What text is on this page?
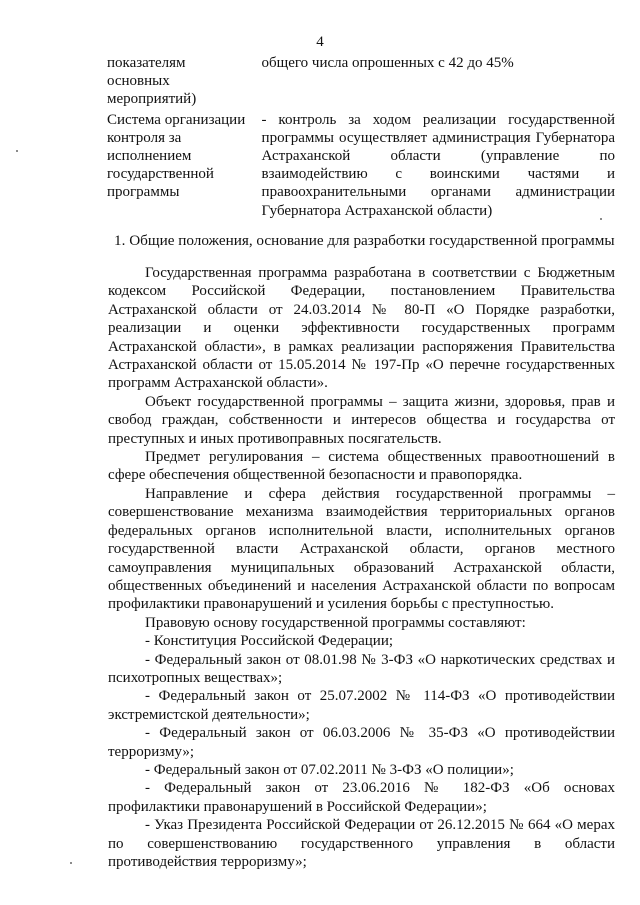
4
показателям основных мероприятий)
общего числа опрошенных с 42 до 45%
Система организации контроля за исполнением государственной программы
- контроль за ходом реализации государственной программы осуществляет администрация Губернатора Астраханской области (управление по взаимодействию с воинскими частями и правоохранительными органами администрации Губернатора Астраханской области)
1. Общие положения, основание для разработки государственной программы

Государственная программа разработана в соответствии с Бюджетным кодексом Российской Федерации, постановлением Правительства Астраханской области от 24.03.2014 № 80-П «О Порядке разработки, реализации и оценки эффективности государственных программ Астраханской области», в рамках реализации распоряжения Правительства Астраханской области от 15.05.2014 № 197-Пр «О перечне государственных программ Астраханской области».

Объект государственной программы – защита жизни, здоровья, прав и свобод граждан, собственности и интересов общества и государства от преступных и иных противоправных посягательств.

Предмет регулирования – система общественных правоотношений в сфере обеспечения общественной безопасности и правопорядка.

Направление и сфера действия государственной программы – совершенствование механизма взаимодействия территориальных органов федеральных органов исполнительной власти, исполнительных органов государственной власти Астраханской области, органов местного самоуправления муниципальных образований Астраханской области, общественных объединений и населения Астраханской области по вопросам профилактики правонарушений и усиления борьбы с преступностью.

Правовую основу государственной программы составляют:

- Конституция Российской Федерации;

- Федеральный закон от 08.01.98 № 3-ФЗ «О наркотических средствах и психотропных веществах»;

- Федеральный закон от 25.07.2002 № 114-ФЗ «О противодействии экстремистской деятельности»;

- Федеральный закон от 06.03.2006 № 35-ФЗ «О противодействии терроризму»;

- Федеральный закон от 07.02.2011 № 3-ФЗ «О полиции»;

- Федеральный закон от 23.06.2016 № 182-ФЗ «Об основах профилактики правонарушений в Российской Федерации»;

- Указ Президента Российской Федерации от 26.12.2015 № 664 «О мерах по совершенствованию государственного управления в области противодействия терроризму»;
